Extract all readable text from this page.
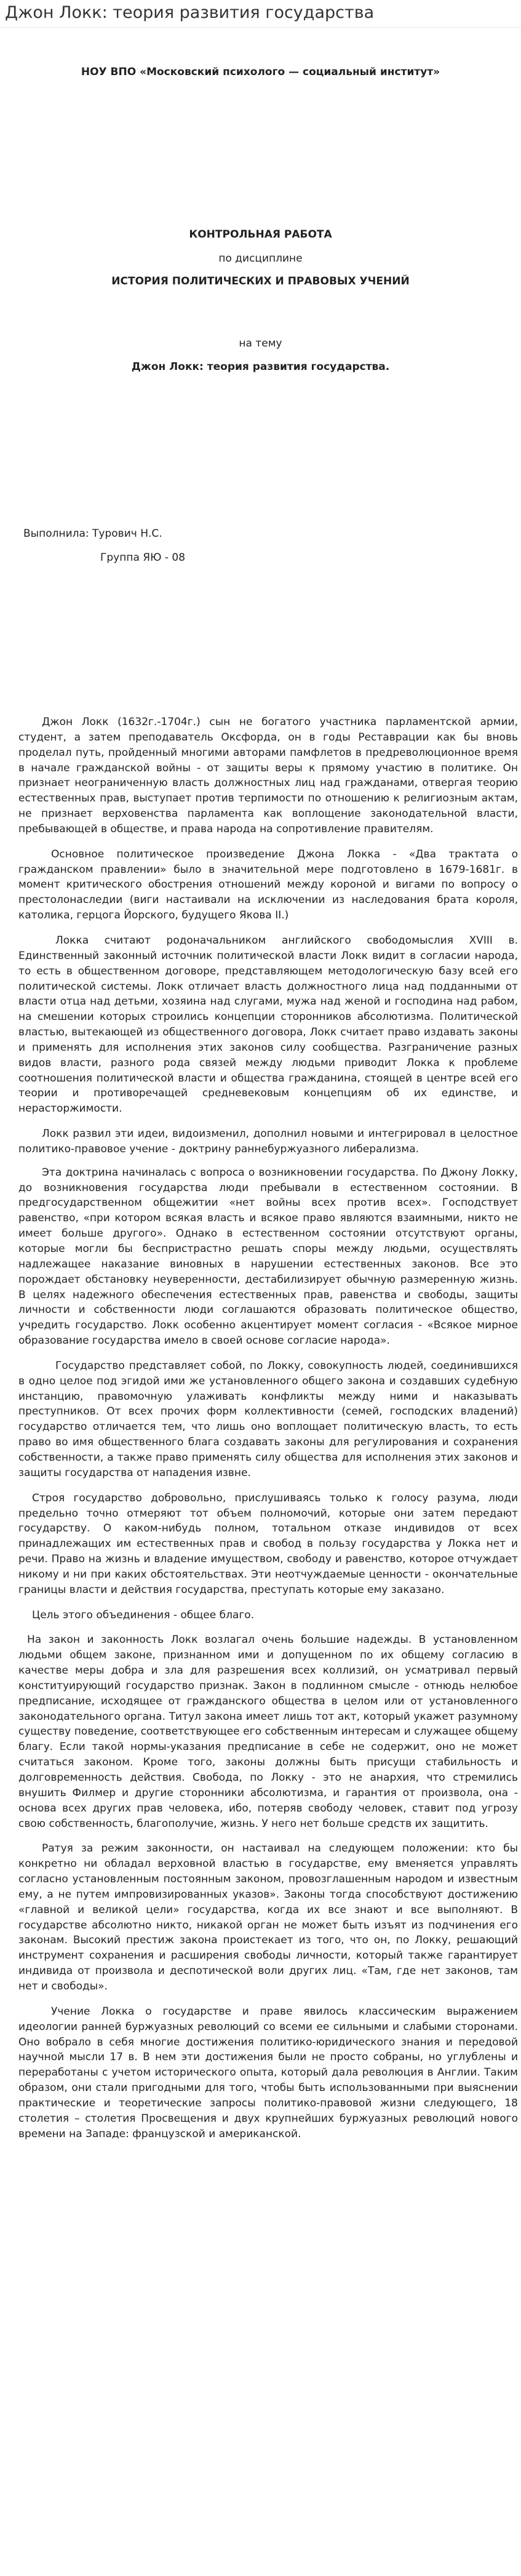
Джон Локк: теория развития государства
НОУ ВПО «Московский психолого — социальный институт»
КОНТРОЛЬНАЯ РАБОТА
по дисциплине
ИСТОРИЯ ПОЛИТИЧЕСКИХ И ПРАВОВЫХ УЧЕНИЙ
на тему
Джон Локк: теория развития государства.
Выполнила: Турович Н.С.
Группа ЯЮ - 08

Джон Локк (1632г.-1704г.) сын не богатого участника парламентской армии, студент, а затем преподаватель Оксфорда, он в годы Реставрации как бы вновь проделал путь, пройденный многими авторами памфлетов в предреволюционное время в начале гражданской войны - от защиты веры к прямому участию в политике. Он признает неограниченную власть должностных лиц над гражданами, отвергая теорию естественных прав, выступает против терпимости по отношению к религиозным актам, не признает верховенства парламента как воплощение законодательной власти, пребывающей в обществе, и права народа на сопротивление правителям.

Основное политическое произведение Джона Локка - «Два трактата о гражданском правлении» было в значительной мере подготовлено в 1679-1681г. в момент критического обострения отношений между короной и вигами по вопросу о престолонаследии (виги настаивали на исключении из наследования брата короля, католика, герцога Йорского, будущего Якова II.)

Локка считают родоначальником английского свободомыслия XVIII в. Единственный законный источник политической власти Локк видит в согласии народа, то есть в общественном договоре, представляющем методологическую базу всей его политической системы. Локк отличает власть должностного лица над подданными от власти отца над детьми, хозяина над слугами, мужа над женой и господина над рабом, на смешении которых строились концепции сторонников абсолютизма. Политической властью, вытекающей из общественного договора, Локк считает право издавать законы и применять для исполнения этих законов силу сообщества. Разграничение разных видов власти, разного рода связей между людьми приводит Локка к проблеме соотношения политической власти и общества гражданина, стоящей в центре всей его теории и противоречащей средневековым концепциям об их единстве, и нерасторжимости.

Локк развил эти идеи, видоизменил, дополнил новыми и интегрировал в целостное политико-правовое учение - доктрину раннебуржуазного либерализма.

Эта доктрина начиналась с вопроса о возникновении государства. По Джону Локку, до возникновения государства люди пребывали в естественном состоянии. В предгосударственном общежитии «нет войны всех против всех». Господствует равенство, «при котором всякая власть и всякое право являются взаимными, никто не имеет больше другого». Однако в естественном состоянии отсутствуют органы, которые могли бы беспристрастно решать споры между людьми, осуществлять надлежащее наказание виновных в нарушении естественных законов. Все это порождает обстановку неуверенности, дестабилизирует обычную размеренную жизнь. В целях надежного обеспечения естественных прав, равенства и свободы, защиты личности и собственности люди соглашаются образовать политическое общество, учредить государство. Локк особенно акцентирует момент согласия - «Всякое мирное образование государства имело в своей основе согласие народа».

Государство представляет собой, по Локку, совокупность людей, соединившихся в одно целое под эгидой ими же установленного общего закона и создавших судебную инстанцию, правомочную улаживать конфликты между ними и наказывать преступников. От всех прочих форм коллективности (семей, господских владений) государство отличается тем, что лишь оно воплощает политическую власть, то есть право во имя общественного блага создавать законы для регулирования и сохранения собственности, а также право применять силу общества для исполнения этих законов и защиты государства от нападения извне.

Строя государство добровольно, прислушиваясь только к голосу разума, люди предельно точно отмеряют тот объем полномочий, которые они затем передают государству. О каком-нибудь полном, тотальном отказе индивидов от всех принадлежащих им естественных прав и свобод в пользу государства у Локка нет и речи. Право на жизнь и владение имуществом, свободу и равенство, которое отчуждает никому и ни при каких обстоятельствах. Эти неотчуждаемые ценности - окончательные границы власти и действия государства, преступать которые ему заказано.

Цель этого объединения - общее благо.

На закон и законность Локк возлагал очень большие надежды. В установленном людьми общем законе, признанном ими и допущенном по их общему согласию в качестве меры добра и зла для разрешения всех коллизий, он усматривал первый конституирующий государство признак. Закон в подлинном смысле - отнюдь нелюбое предписание, исходящее от гражданского общества в целом или от установленного законодательного органа. Титул закона имеет лишь тот акт, который укажет разумному существу поведение, соответствующее его собственным интересам и служащее общему благу. Если такой нормы-указания предписание в себе не содержит, оно не может считаться законом. Кроме того, законы должны быть присущи стабильность и долговременность действия. Свобода, по Локку - это не анархия, что стремились внушить Филмер и другие сторонники абсолютизма, и гарантия от произвола, она - основа всех других прав человека, ибо, потеряв свободу человек, ставит под угрозу свою собственность, благополучие, жизнь. У него нет больше средств их защитить.

Ратуя за режим законности, он настаивал на следующем положении: кто бы конкретно ни обладал верховной властью в государстве, ему вменяется управлять согласно установленным постоянным законом, провозглашенным народом и известным ему, а не путем импровизированных указов». Законы тогда способствуют достижению «главной и великой цели» государства, когда их все знают и все выполняют. В государстве абсолютно никто, никакой орган не может быть изъят из подчинения его законам. Высокий престиж закона проистекает из того, что он, по Локку, решающий инструмент сохранения и расширения свободы личности, который также гарантирует индивида от произвола и деспотической воли других лиц. «Там, где нет законов, там нет и свободы».

Учение Локка о государстве и праве явилось классическим выражением идеологии ранней буржуазных революций со всеми ее сильными и слабыми сторонами. Оно вобрало в себя многие достижения политико-юридического знания и передовой научной мысли 17 в. В нем эти достижения были не просто собраны, но углублены и переработаны с учетом исторического опыта, который дала революция в Англии. Таким образом, они стали пригодными для того, чтобы быть использованными при выяснении практические и теоретические запросы политико-правовой жизни следующего, 18 столетия – столетия Просвещения и двух крупнейших буржуазных революций нового времени на Западе: французской и американской.
